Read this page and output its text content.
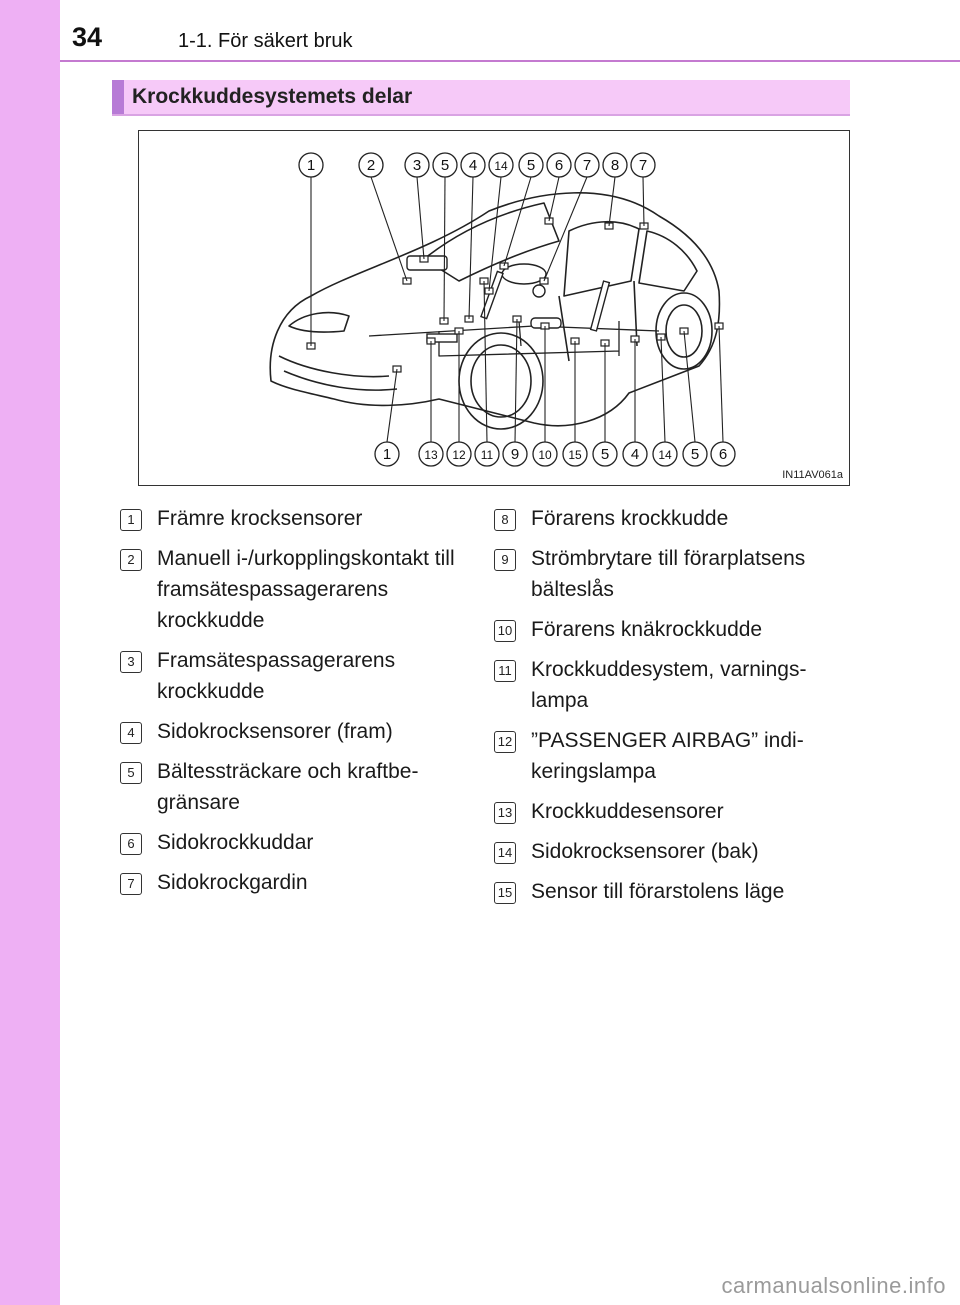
34	1-1. För säkert bruk
Krockkuddesystemets delar
1	2	3 5 4 14 5 6 7 8 7
1	13 12 11 9 10 15 5 4 14 5 6
IN11AV061a
1	Främre krocksensorer
2	Manuell i-/urkopplingskontakt till framsätespassagerarens krockkudde
3	Framsätespassagerarens krockkudde
4	Sidokrocksensorer (fram)
5	Bältessträckare och kraftbe-gränsare
6	Sidokrockkuddar
7	Sidokrockgardin
8	Förarens krockkudde
9	Strömbrytare till förarplatsens bälteslås
10 Förarens knäkrockkudde
11 Krockkuddesystem, varnings-lampa
12 ”PASSENGER AIRBAG” indi-keringslampa
13 Krockkuddesensorer
14 Sidokrocksensorer (bak)
15 Sensor till förarstolens läge
carmanualsonline.info
